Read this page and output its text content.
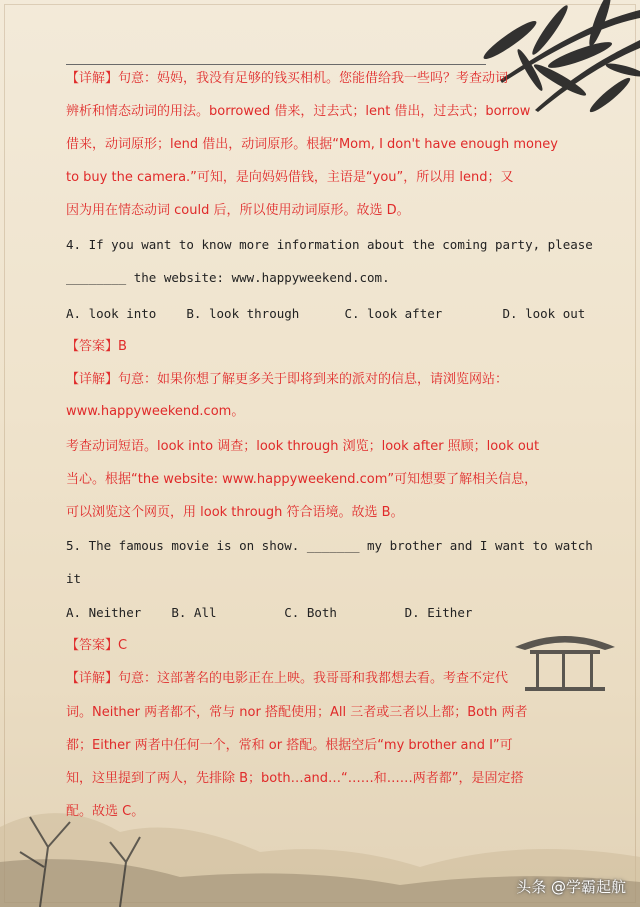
【详解】句意：妈妈，我没有足够的钱买相机。您能借给我一些吗？考查动词
辨析和情态动词的用法。borrowed 借来，过去式；lent 借出，过去式；borrow
借来，动词原形；lend 借出，动词原形。根据“Mom, I don't have enough money
to buy the camera.”可知，是向妈妈借钱，主语是“you”，所以用 lend；又
因为用在情态动词 could 后，所以使用动词原形。故选 D。
4. If you want to know more information about the coming party, please
________ the website: www.happyweekend.com.
A. look into    B. look through      C. look after        D. look out
【答案】B
【详解】句意：如果你想了解更多关于即将到来的派对的信息，请浏览网站：
www.happyweekend.com。
考查动词短语。look into 调查；look through 浏览；look after 照顾；look out
当心。根据“the website: www.happyweekend.com”可知想要了解相关信息，
可以浏览这个网页，用 look through 符合语境。故选 B。
5. The famous movie is on show. _______ my brother and I want to watch
it
A. Neither    B. All         C. Both         D. Either
【答案】C
【详解】句意：这部著名的电影正在上映。我哥哥和我都想去看。考查不定代
词。Neither 两者都不，常与 nor 搭配使用；All 三者或三者以上都；Both 两者
都；Either 两者中任何一个，常和 or 搭配。根据空后“my brother and I”可
知，这里提到了两人，先排除 B；both…and…“……和……两者都”，是固定搭
配。故选 C。
头条 @学霸起航
